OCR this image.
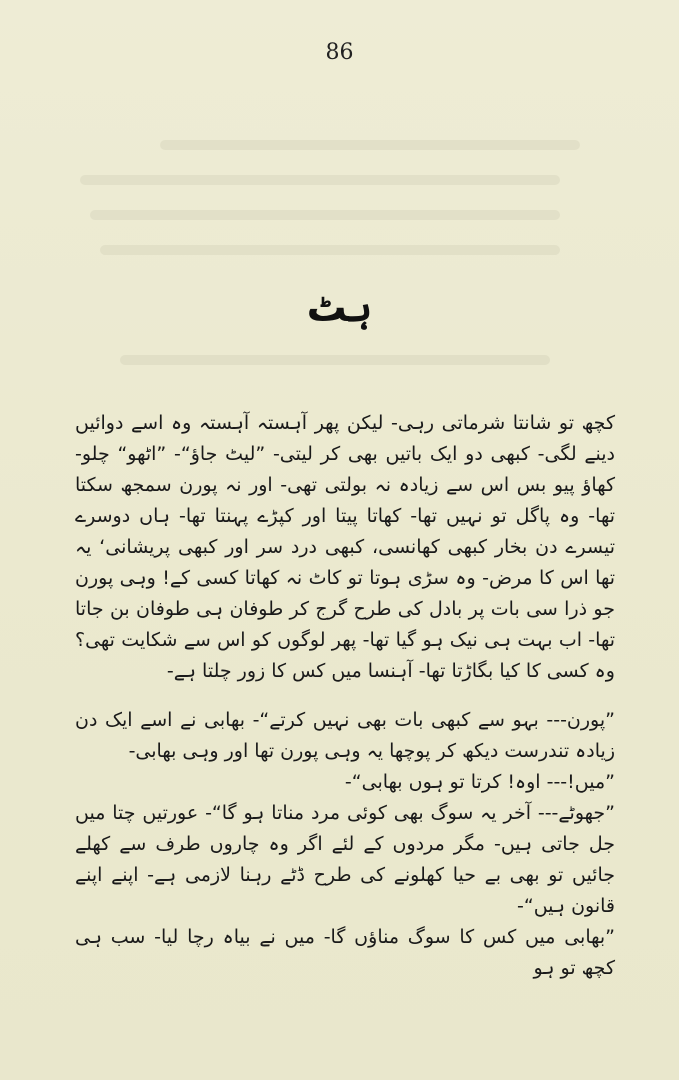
86
ہٹ

کچھ تو شانتا شرماتی رہی- لیکن پھر آہستہ آہستہ وہ اسے دوائیں دینے لگی- کبھی دو ایک باتیں بھی کر لیتی- ”لیٹ جاؤ“- ”اٹھو“ چلو- کھاؤ پیو بس اس سے زیادہ نہ بولتی تھی- اور نہ پورن سمجھ سکتا تھا- وہ پاگل تو نہیں تھا- کھاتا پیتا اور کپڑے پہنتا تھا- ہاں دوسرے تیسرے دن بخار کبھی کھانسی، کبھی درد سر اور کبھی پریشانی‘ یہ تھا اس کا مرض- وہ سڑی ہوتا تو کاٹ نہ کھاتا کسی کے! وہی پورن جو ذرا سی بات پر بادل کی طرح گرج کر طوفان ہی طوفان بن جاتا تھا- اب بہت ہی نیک ہو گیا تھا- پھر لوگوں کو اس سے شکایت تھی؟ وہ کسی کا کیا بگاڑتا تھا- آہنسا میں کس کا زور چلتا ہے-

”پورن--- بہو سے کبھی بات بھی نہیں کرتے“- بھابی نے اسے ایک دن زیادہ تندرست دیکھ کر پوچھا یہ وہی پورن تھا اور وہی بھابی-

”میں!--- اوہ! کرتا تو ہوں بھابی“-

”جھوٹے--- آخر یہ سوگ بھی کوئی مرد مناتا ہو گا“- عورتیں چتا میں جل جاتی ہیں- مگر مردوں کے لئے اگر وہ چاروں طرف سے کھلے جائیں تو بھی بے حیا کھلونے کی طرح ڈٹے رہنا لازمی ہے- اپنے اپنے قانون ہیں“-

”بھابی میں کس کا سوگ مناؤں گا- میں نے بیاہ رچا لیا- سب ہی کچھ تو ہو
